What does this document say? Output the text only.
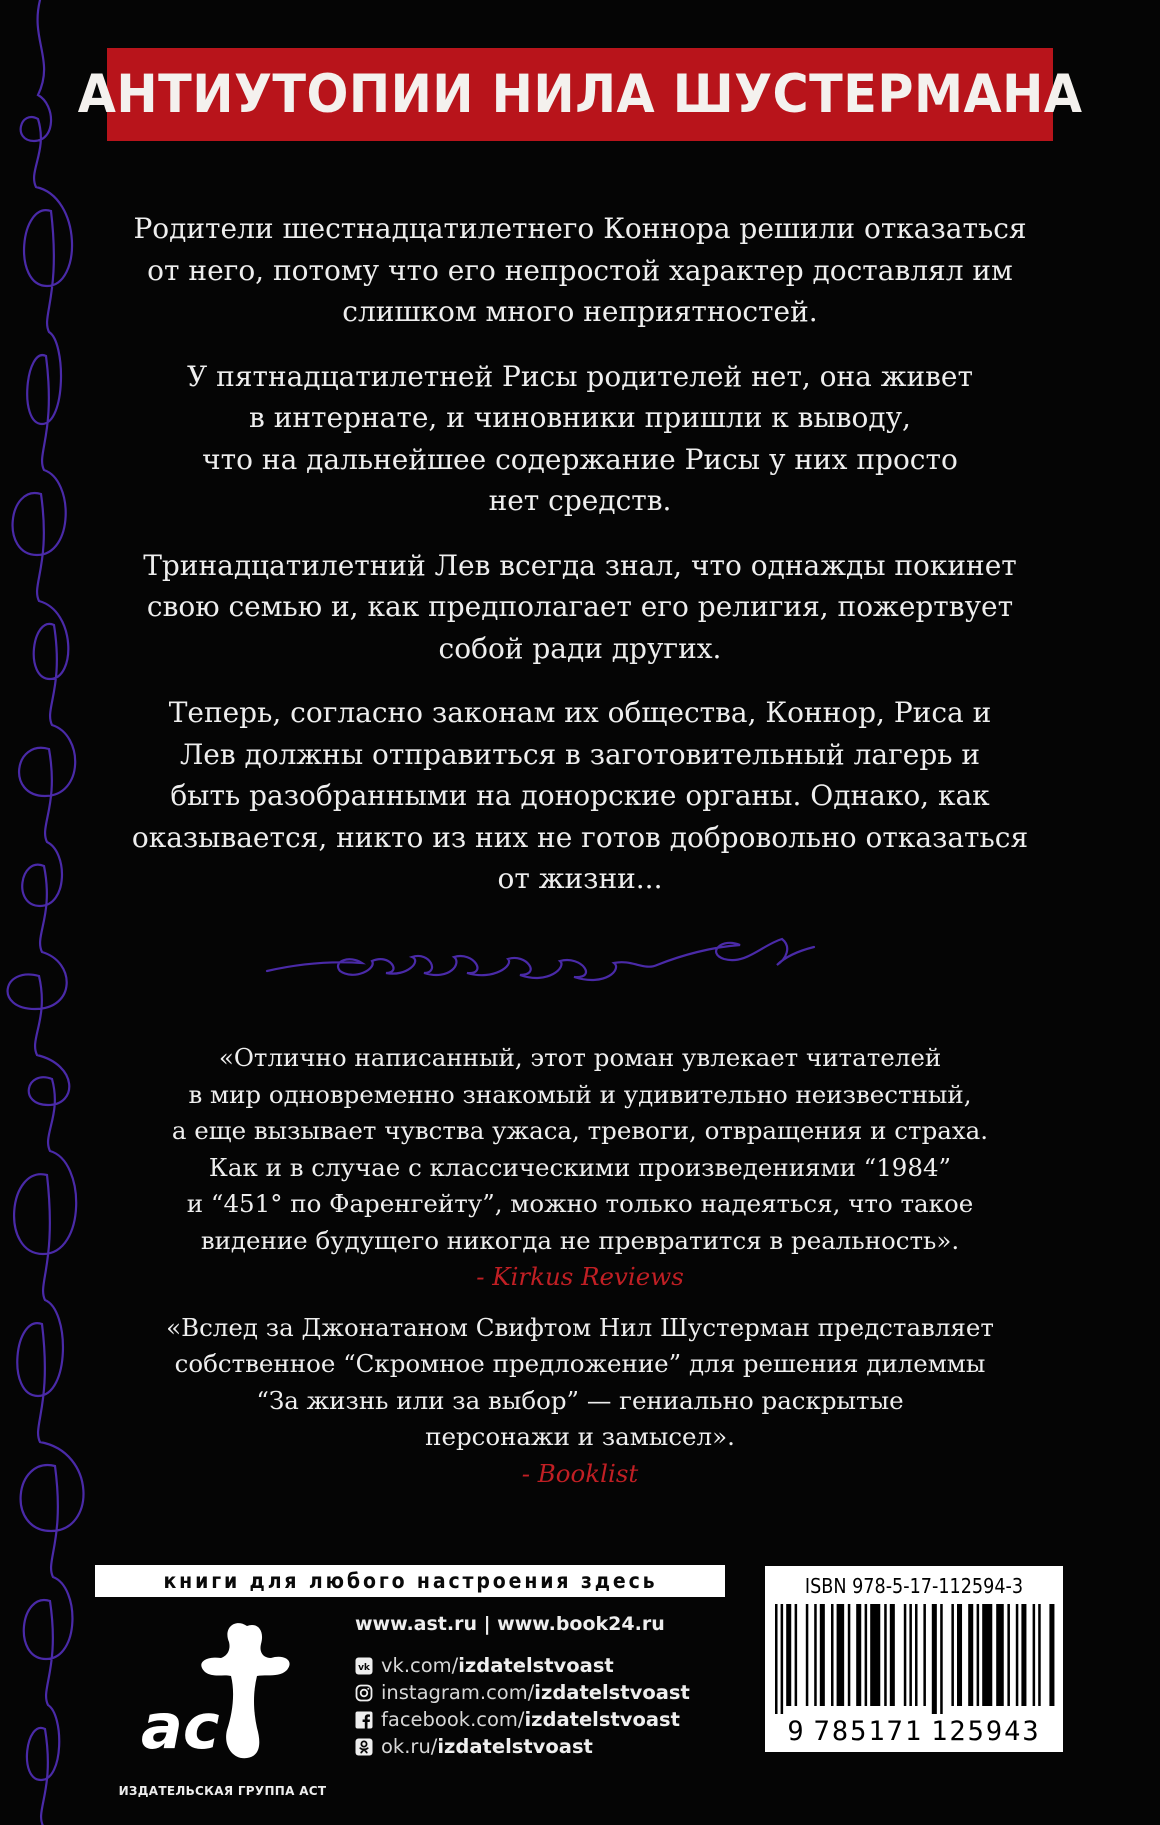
АНТИУТОПИИ НИЛА ШУСТЕРМАНА

Родители шестнадцатилетнего Коннора решили отказаться
от него, потому что его непростой характер доставлял им
слишком много неприятностей.

У пятнадцатилетней Рисы родителей нет, она живет
в интернате, и чиновники пришли к выводу,
что на дальнейшее содержание Рисы у них просто
нет средств.

Тринадцатилетний Лев всегда знал, что однажды покинет
свою семью и, как предполагает его религия, пожертвует
собой ради других.

Теперь, согласно законам их общества, Коннор, Риса и
Лев должны отправиться в заготовительный лагерь и
быть разобранными на донорские органы. Однако, как
оказывается, никто из них не готов добровольно отказаться
от жизни...

«Отлично написанный, этот роман увлекает читателей
в мир одновременно знакомый и удивительно неизвестный,
а еще вызывает чувства ужаса, тревоги, отвращения и страха.
Как и в случае с классическими произведениями “1984”
и “451° по Фаренгейту”, можно только надеяться, что такое
видение будущего никогда не превратится в реальность».
- Kirkus Reviews

«Вслед за Джонатаном Свифтом Нил Шустерман представляет
собственное “Скромное предложение” для решения дилеммы
“За жизнь или за выбор” — гениально раскрытые
персонажи и замысел».
- Booklist

книги для любого настроения здесь
ас
ИЗДАТЕЛЬСКАЯ ГРУППА АСТ
www.ast.ru | www.book24.ru
vk vk.com/ izdatelstvoast
instagram.com/ izdatelstvoast
facebook.com/ izdatelstvoast
ok.ru/ izdatelstvoast
ISBN 978-5-17-112594-3
9 785171 125943
